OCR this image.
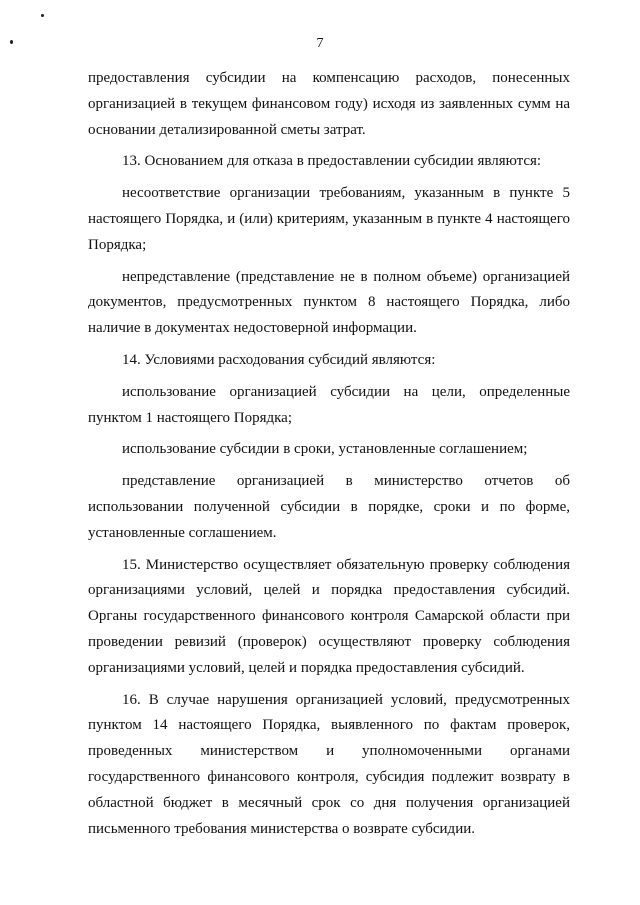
7

предоставления субсидии на компенсацию расходов, понесенных организацией в текущем финансовом году) исходя из заявленных сумм на основании детализированной сметы затрат.

13. Основанием для отказа в предоставлении субсидии являются:

несоответствие организации требованиям, указанным в пункте 5 настоящего Порядка, и (или) критериям, указанным в пункте 4 настоящего Порядка;

непредставление (представление не в полном объеме) организацией документов, предусмотренных пунктом 8 настоящего Порядка, либо наличие в документах недостоверной информации.

14. Условиями расходования субсидий являются:

использование организацией субсидии на цели, определенные пунктом 1 настоящего Порядка;

использование субсидии в сроки, установленные соглашением;

представление организацией в министерство отчетов об использовании полученной субсидии в порядке, сроки и по форме, установленные соглашением.

15. Министерство осуществляет обязательную проверку соблюдения организациями условий, целей и порядка предоставления субсидий. Органы государственного финансового контроля Самарской области при проведении ревизий (проверок) осуществляют проверку соблюдения организациями условий, целей и порядка предоставления субсидий.

16. В случае нарушения организацией условий, предусмотренных пунктом 14 настоящего Порядка, выявленного по фактам проверок, проведенных министерством и уполномоченными органами государственного финансового контроля, субсидия подлежит возврату в областной бюджет в месячный срок со дня получения организацией письменного требования министерства о возврате субсидии.
